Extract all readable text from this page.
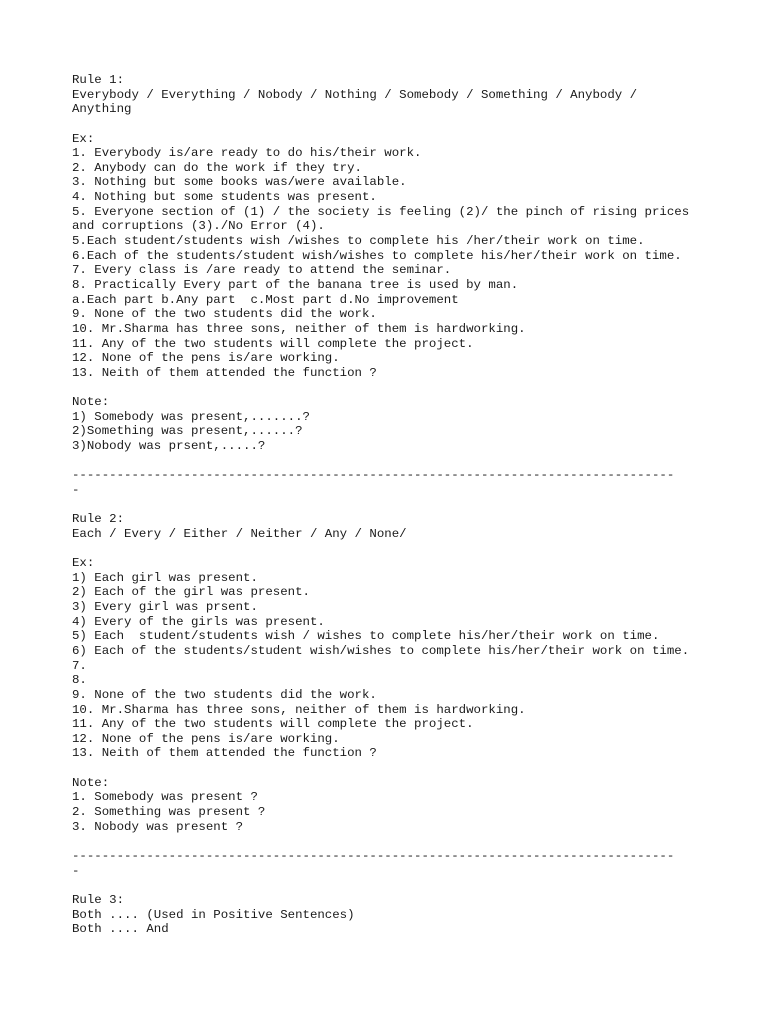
Rule 1:
Everybody / Everything / Nobody / Nothing / Somebody / Something / Anybody /
Anything
Ex:
1. Everybody is/are ready to do his/their work.
2. Anybody can do the work if they try.
3. Nothing but some books was/were available.
4. Nothing but some students was present.
5. Everyone section of (1) / the society is feeling (2)/ the pinch of rising prices
and corruptions (3)./No Error (4).
5.Each student/students wish /wishes to complete his /her/their work on time.
6.Each of the students/student wish/wishes to complete his/her/their work on time.
7. Every class is /are ready to attend the seminar.
8. Practically Every part of the banana tree is used by man.
a.Each part b.Any part  c.Most part d.No improvement
9. None of the two students did the work.
10. Mr.Sharma has three sons, neither of them is hardworking.
11. Any of the two students will complete the project.
12. None of the pens is/are working.
13. Neith of them attended the function ?
Note:
1) Somebody was present,.......?
2)Something was present,......?
3)Nobody was prsent,.....?
---------------------------------------------------------------------------------
-
Rule 2:
Each / Every / Either / Neither / Any / None/
Ex:
1) Each girl was present.
2) Each of the girl was present.
3) Every girl was prsent.
4) Every of the girls was present.
5) Each  student/students wish / wishes to complete his/her/their work on time.
6) Each of the students/student wish/wishes to complete his/her/their work on time.
7.
8.
9. None of the two students did the work.
10. Mr.Sharma has three sons, neither of them is hardworking.
11. Any of the two students will complete the project.
12. None of the pens is/are working.
13. Neith of them attended the function ?
Note:
1. Somebody was present ?
2. Something was present ?
3. Nobody was present ?
---------------------------------------------------------------------------------
-
Rule 3:
Both .... (Used in Positive Sentences)
Both .... And
